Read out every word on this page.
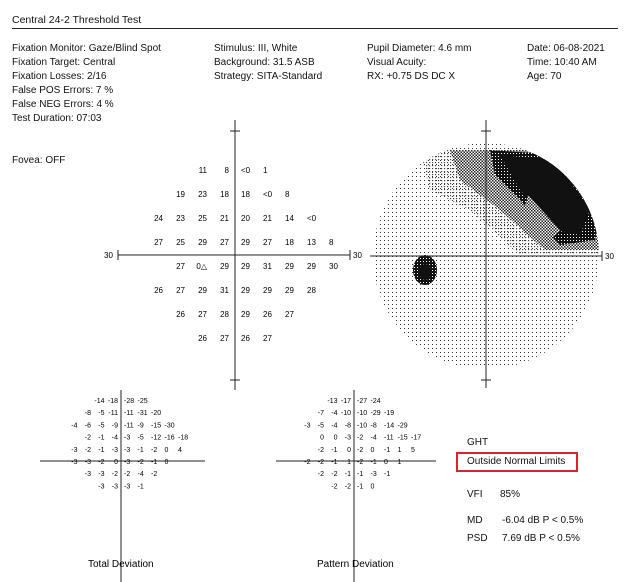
Central 24-2 Threshold Test
Fixation Monitor: Gaze/Blind Spot
Fixation Target: Central
Fixation Losses: 2/16
False POS Errors: 7 %
False NEG Errors: 4 %
Test Duration: 07:03
Fovea: OFF
Stimulus: III, White
Background: 31.5 ASB
Strategy: SITA-Standard
Pupil Diameter: 4.6 mm
Visual Acuity:
RX: +0.75 DS DC X
Date: 06-08-2021
Time: 10:40 AM
Age: 70
30	30
11 8 <0 1
19 23 18 18 <0 8
24 23 25 21 20 21 14 <0
27 25 29 27 29 27 18 13 8
27 0△ 29 29 31 29 29 30
26 27 29 31 29 29 29 28
26 27 28 29 26 27
26 27 26 27
30
-14 -18 -28 -25
-8 -5 -11 -11 -31 -20
-4 -6 -5 -9 -11 -9 -15 -30
-2 -1 -4 -3 -5 -12 -16 -18
-3 -2 -1 -3 -3 -1 -2 0 4
-3 -3 -2 0 -3 -2 -1 0
-3 -3 -2 -2 -4 -2
-3 -3 -3 -1
Total Deviation
-13 -17 -27 -24
-7 -4 -10 -10 -29 -19
-3 -5 -4 -8 -10 -8 -14 -29
0 0 -3 -2 -4 -11 -15 -17
-2 -1 0 -2 0 -1 1 5
-2 -2 -1 1 -2 -1 0 1
-2 -2 -1 -1 -3 -1
-2 -2 -1 0
Pattern Deviation
GHT
Outside Normal Limits
VFI 85%
MD -6.04 dB P < 0.5%
PSD 7.69 dB P < 0.5%
